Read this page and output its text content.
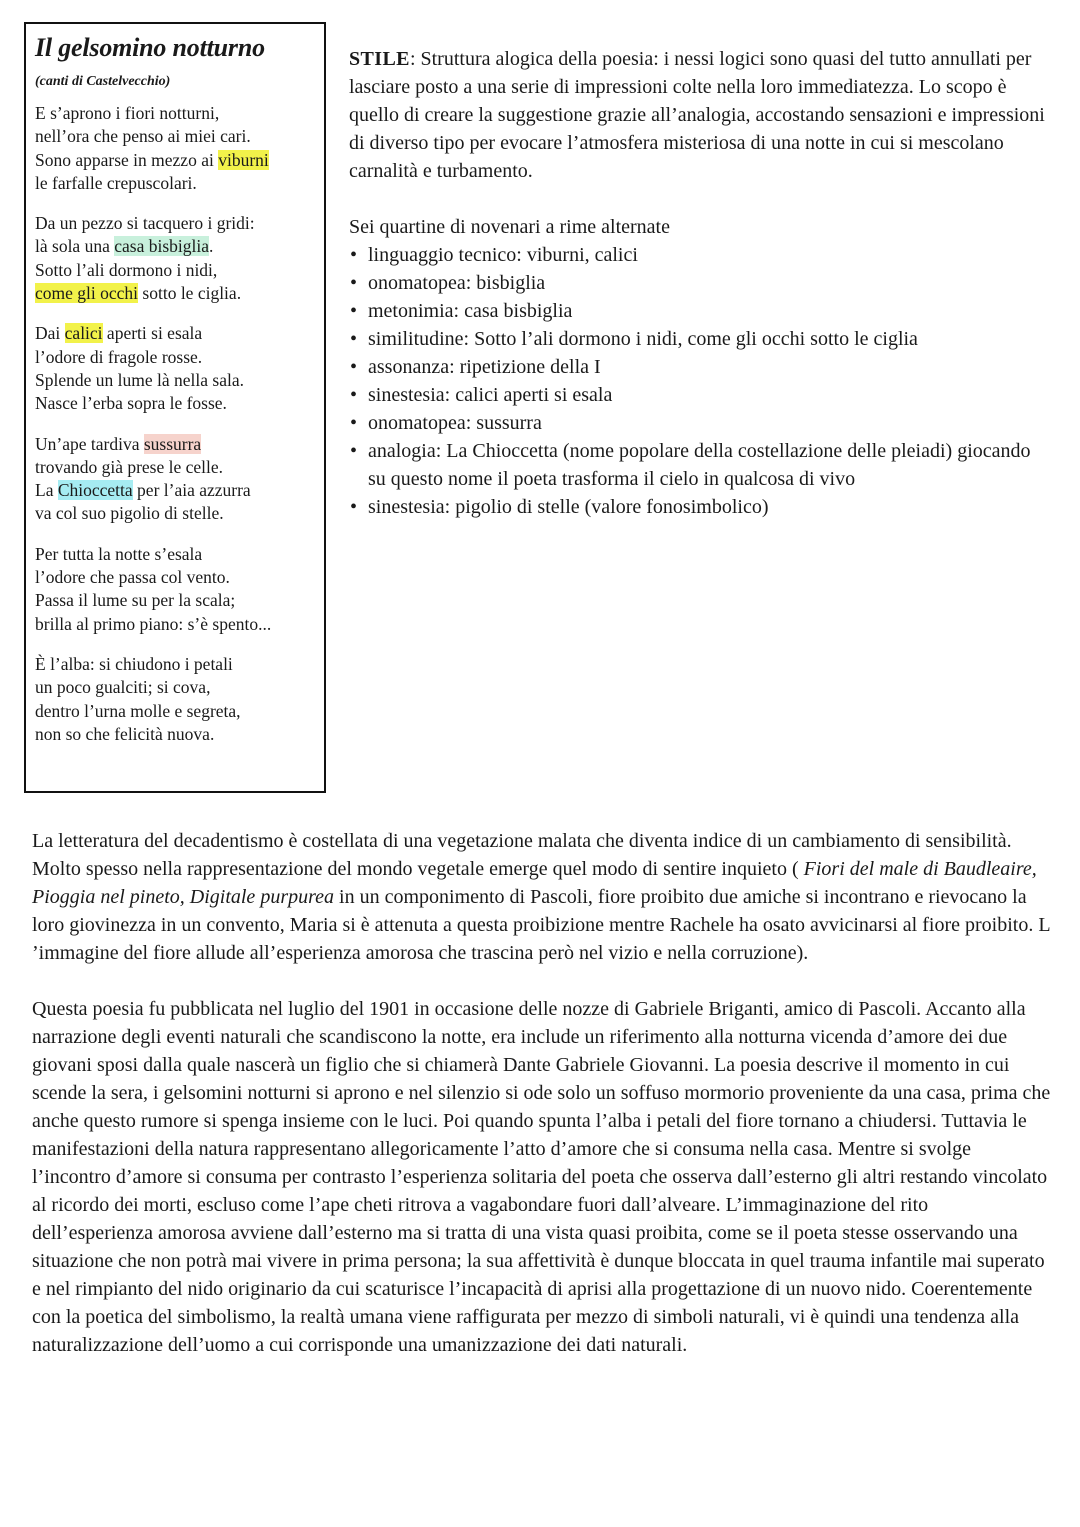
Il gelsomino notturno

(canti di Castelvecchio)

E s’aprono i fiori notturni,
nell’ora che penso ai miei cari.
Sono apparse in mezzo ai viburni
le farfalle crepuscolari.
Da un pezzo si tacquero i gridi:
là sola una casa bisbiglia.
Sotto l’ali dormono i nidi,
come gli occhi sotto le ciglia.
Dai calici aperti si esala
l’odore di fragole rosse.
Splende un lume là nella sala.
Nasce l’erba sopra le fosse.
Un’ape tardiva sussurra
trovando già prese le celle.
La Chioccetta per l’aia azzurra
va col suo pigolio di stelle.
Per tutta la notte s’esala
l’odore che passa col vento.
Passa il lume su per la scala;
brilla al primo piano: s’è spento...
È l’alba: si chiudono i petali
un poco gualciti; si cova,
dentro l’urna molle e segreta,
non so che felicità nuova.

STILE: Struttura alogica della poesia: i nessi logici sono quasi del tutto annullati per lasciare posto a una serie di impressioni colte nella loro immediatezza. Lo scopo è quello di creare la suggestione grazie all’analogia, accostando sensazioni e impressioni di diverso tipo per evocare l’atmosfera misteriosa di una notte in cui si mescolano carnalità e turbamento.

Sei quartine di novenari a rime alternate

• linguaggio tecnico: viburni, calici
• onomatopea: bisbiglia
• metonimia: casa bisbiglia
• similitudine: Sotto l’ali dormono i nidi, come gli occhi sotto le ciglia
• assonanza: ripetizione della I
• sinestesia: calici aperti si esala
• onomatopea: sussurra
• analogia: La Chioccetta (nome popolare della costellazione delle pleiadi) giocando su questo nome il poeta trasforma il cielo in qualcosa di vivo
• sinestesia: pigolio di stelle (valore fonosimbolico)

La letteratura del decadentismo è costellata di una vegetazione malata che diventa indice di un cambiamento di sensibilità. Molto spesso nella rappresentazione del mondo vegetale emerge quel modo di sentire inquieto ( Fiori del male di Baudleaire, Pioggia nel pineto, Digitale purpurea in un componimento di Pascoli, fiore proibito due amiche si incontrano e rievocano la loro giovinezza in un convento, Maria si è attenuta a questa proibizione mentre Rachele ha osato avvicinarsi al fiore proibito. L ’immagine del fiore allude all’esperienza amorosa che trascina però nel vizio e nella corruzione).

Questa poesia fu pubblicata nel luglio del 1901 in occasione delle nozze di Gabriele Briganti, amico di Pascoli. Accanto alla narrazione degli eventi naturali che scandiscono la notte, era include un riferimento alla notturna vicenda d’amore dei due giovani sposi dalla quale nascerà un figlio che si chiamerà Dante Gabriele Giovanni. La poesia descrive il momento in cui scende la sera, i gelsomini notturni si aprono e nel silenzio si ode solo un soffuso mormorio proveniente da una casa, prima che anche questo rumore si spenga insieme con le luci. Poi quando spunta l’alba i petali del fiore tornano a chiudersi. Tuttavia le manifestazioni della natura rappresentano allegoricamente l’atto d’amore che si consuma nella casa. Mentre si svolge l’incontro d’amore si consuma per contrasto l’esperienza solitaria del poeta che osserva dall’esterno gli altri restando vincolato al ricordo dei morti, escluso come l’ape cheti ritrova a vagabondare fuori dall’alveare. L’immaginazione del rito dell’esperienza amorosa avviene dall’esterno ma si tratta di una vista quasi proibita, come se il poeta stesse osservando una situazione che non potrà mai vivere in prima persona; la sua affettività è dunque bloccata in quel trauma infantile mai superato e nel rimpianto del nido originario da cui scaturisce l’incapacità di aprisi alla progettazione di un nuovo nido. Coerentemente con la poetica del simbolismo, la realtà umana viene raffigurata per mezzo di simboli naturali, vi è quindi una tendenza alla naturalizzazione dell’uomo a cui corrisponde una umanizzazione dei dati naturali.
